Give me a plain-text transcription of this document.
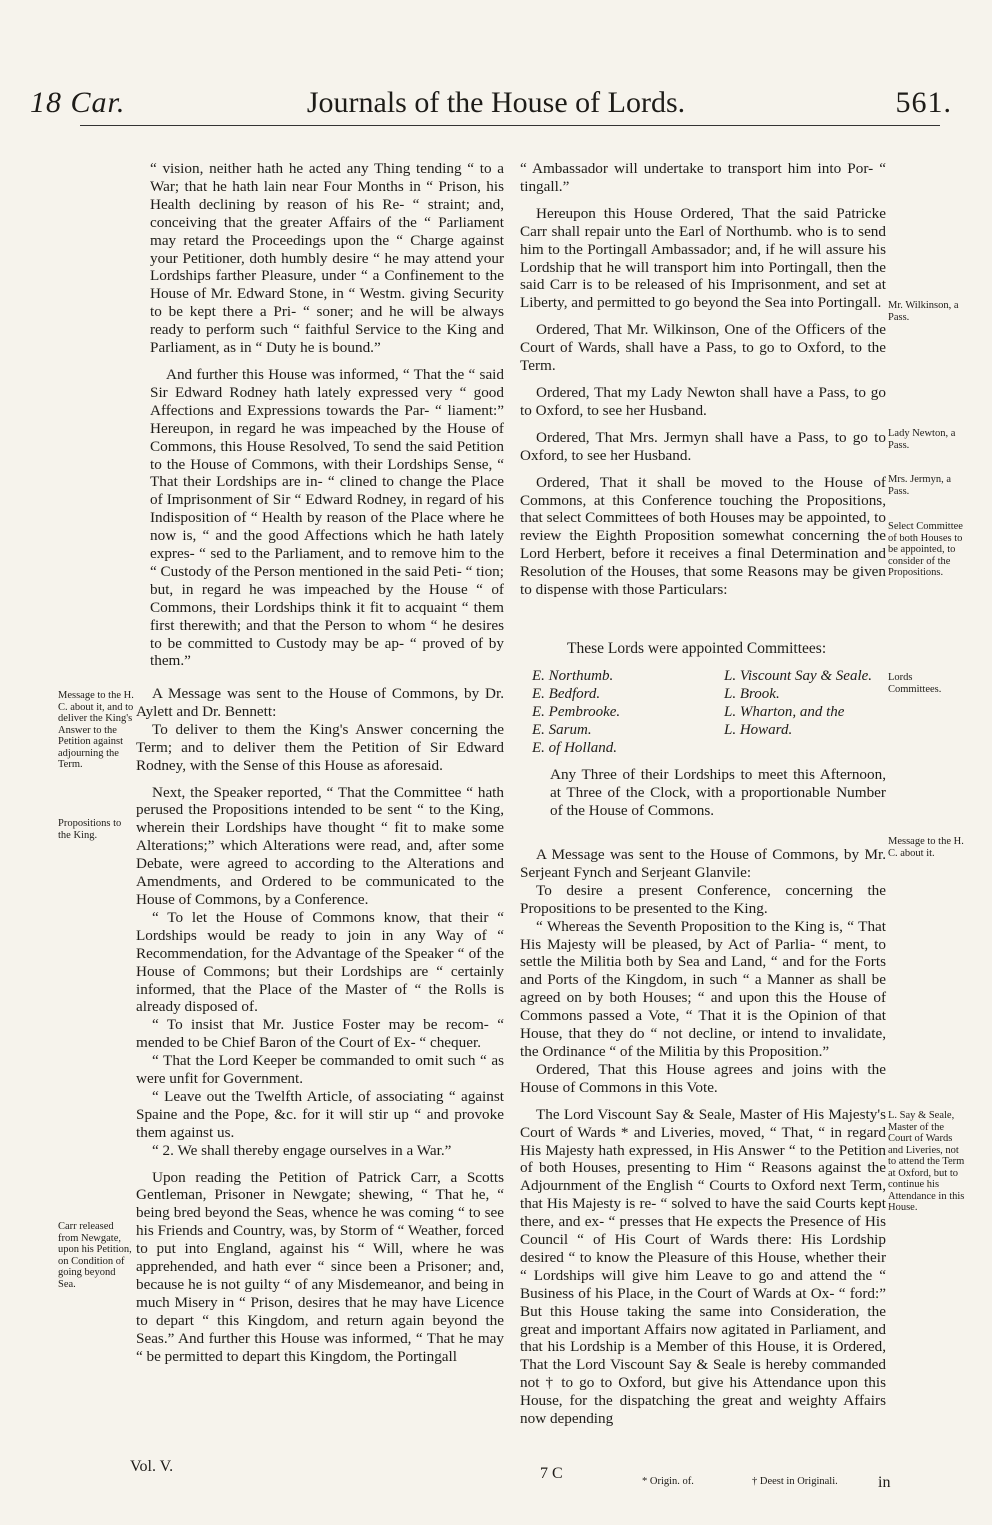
18 Car.	Journals of the House of Lords.	561.

“ vision, neither hath he acted any Thing tending “ to a War; that he hath lain near Four Months in “ Prison, his Health declining by reason of his Re- “ straint; and, conceiving that the greater Affairs of the “ Parliament may retard the Proceedings upon the “ Charge against your Petitioner, doth humbly desire “ he may attend your Lordships farther Pleasure, under “ a Confinement to the House of Mr. Edward Stone, in “ Westm. giving Security to be kept there a Pri- “ soner; and he will be always ready to perform such “ faithful Service to the King and Parliament, as in “ Duty he is bound.”

And further this House was informed, “ That the “ said Sir Edward Rodney hath lately expressed very “ good Affections and Expressions towards the Par- “ liament:” Hereupon, in regard he was impeached by the House of Commons, this House Resolved, To send the said Petition to the House of Commons, with their Lordships Sense, “ That their Lordships are in- “ clined to change the Place of Imprisonment of Sir “ Edward Rodney, in regard of his Indisposition of “ Health by reason of the Place where he now is, “ and the good Affections which he hath lately expres- “ sed to the Parliament, and to remove him to the “ Custody of the Person mentioned in the said Peti- “ tion; but, in regard he was impeached by the House “ of Commons, their Lordships think it fit to acquaint “ them first therewith; and that the Person to whom “ he desires to be committed to Custody may be ap- “ proved of by them.”

A Message was sent to the House of Commons, by Dr. Aylett and Dr. Bennett:

To deliver to them the King's Answer concerning the Term; and to deliver them the Petition of Sir Edward Rodney, with the Sense of this House as aforesaid.

Next, the Speaker reported, “ That the Committee “ hath perused the Propositions intended to be sent “ to the King, wherein their Lordships have thought “ fit to make some Alterations;” which Alterations were read, and, after some Debate, were agreed to according to the Alterations and Amendments, and Ordered to be communicated to the House of Commons, by a Conference.

“ To let the House of Commons know, that their “ Lordships would be ready to join in any Way of “ Recommendation, for the Advantage of the Speaker “ of the House of Commons; but their Lordships are “ certainly informed, that the Place of the Master of “ the Rolls is already disposed of.

“ To insist that Mr. Justice Foster may be recom- “ mended to be Chief Baron of the Court of Ex- “ chequer.

“ That the Lord Keeper be commanded to omit such “ as were unfit for Government.

“ Leave out the Twelfth Article, of associating “ against Spaine and the Pope, &c. for it will stir up “ and provoke them against us.

“ 2. We shall thereby engage ourselves in a War.”

Upon reading the Petition of Patrick Carr, a Scotts Gentleman, Prisoner in Newgate; shewing, “ That he, “ being bred beyond the Seas, whence he was coming “ to see his Friends and Country, was, by Storm of “ Weather, forced to put into England, against his “ Will, where he was apprehended, and hath ever “ since been a Prisoner; and, because he is not guilty “ of any Misdemeanor, and being in much Misery in “ Prison, desires that he may have Licence to depart “ this Kingdom, and return again beyond the Seas.” And further this House was informed, “ That he may “ be permitted to depart this Kingdom, the Portingall

Message to the H. C. about it, and to deliver the King's Answer to the Petition against adjourning the Term.
Propositions to the King.
Carr released from Newgate, upon his Petition, on Condition of going beyond Sea.

“ Ambassador will undertake to transport him into Por- “ tingall.”

Hereupon this House Ordered, That the said Patricke Carr shall repair unto the Earl of Northumb. who is to send him to the Portingall Ambassador; and, if he will assure his Lordship that he will transport him into Portingall, then the said Carr is to be released of his Imprisonment, and set at Liberty, and permitted to go beyond the Sea into Portingall.

Ordered, That Mr. Wilkinson, One of the Officers of the Court of Wards, shall have a Pass, to go to Oxford, to the Term.

Ordered, That my Lady Newton shall have a Pass, to go to Oxford, to see her Husband.

Ordered, That Mrs. Jermyn shall have a Pass, to go to Oxford, to see her Husband.

Ordered, That it shall be moved to the House of Commons, at this Conference touching the Propositions, that select Committees of both Houses may be appointed, to review the Eighth Proposition somewhat concerning the Lord Herbert, before it receives a final Determination and Resolution of the Houses, that some Reasons may be given to dispense with those Particulars:

These Lords were appointed Committees:
E. Northumb.
E. Bedford.
E. Pembrooke.
E. Sarum.
E. of Holland.
L. Viscount Say & Seale.
L. Brook.
L. Wharton, and the
L. Howard.

Any Three of their Lordships to meet this Afternoon, at Three of the Clock, with a proportionable Number of the House of Commons.

A Message was sent to the House of Commons, by Mr. Serjeant Fynch and Serjeant Glanvile:

To desire a present Conference, concerning the Propositions to be presented to the King.

“ Whereas the Seventh Proposition to the King is, “ That His Majesty will be pleased, by Act of Parlia- “ ment, to settle the Militia both by Sea and Land, “ and for the Forts and Ports of the Kingdom, in such “ a Manner as shall be agreed on by both Houses; “ and upon this the House of Commons passed a Vote, “ That it is the Opinion of that House, that they do “ not decline, or intend to invalidate, the Ordinance “ of the Militia by this Proposition.”

Ordered, That this House agrees and joins with the House of Commons in this Vote.

The Lord Viscount Say & Seale, Master of His Majesty's Court of Wards * and Liveries, moved, “ That, “ in regard His Majesty hath expressed, in His Answer “ to the Petition of both Houses, presenting to Him “ Reasons against the Adjournment of the English “ Courts to Oxford next Term, that His Majesty is re- “ solved to have the said Courts kept there, and ex- “ presses that He expects the Presence of His Council “ of His Court of Wards there: His Lordship desired “ to know the Pleasure of this House, whether their “ Lordships will give him Leave to go and attend the “ Business of his Place, in the Court of Wards at Ox- “ ford:” But this House taking the same into Consideration, the great and important Affairs now agitated in Parliament, and that his Lordship is a Member of this House, it is Ordered, That the Lord Viscount Say & Seale is hereby commanded not † to go to Oxford, but give his Attendance upon this House, for the dispatching the great and weighty Affairs now depending

Mr. Wilkinson, a Pass.
Lady Newton, a Pass.
Mrs. Jermyn, a Pass.
Select Committee of both Houses to be appointed, to consider of the Propositions.
Lords Committees.
Message to the H. C. about it.
L. Say & Seale, Master of the Court of Wards and Liveries, not to attend the Term at Oxford, but to continue his Attendance in this House.
Vol. V.	7 C	* Origin. of.	† Deest in Originali.	in
